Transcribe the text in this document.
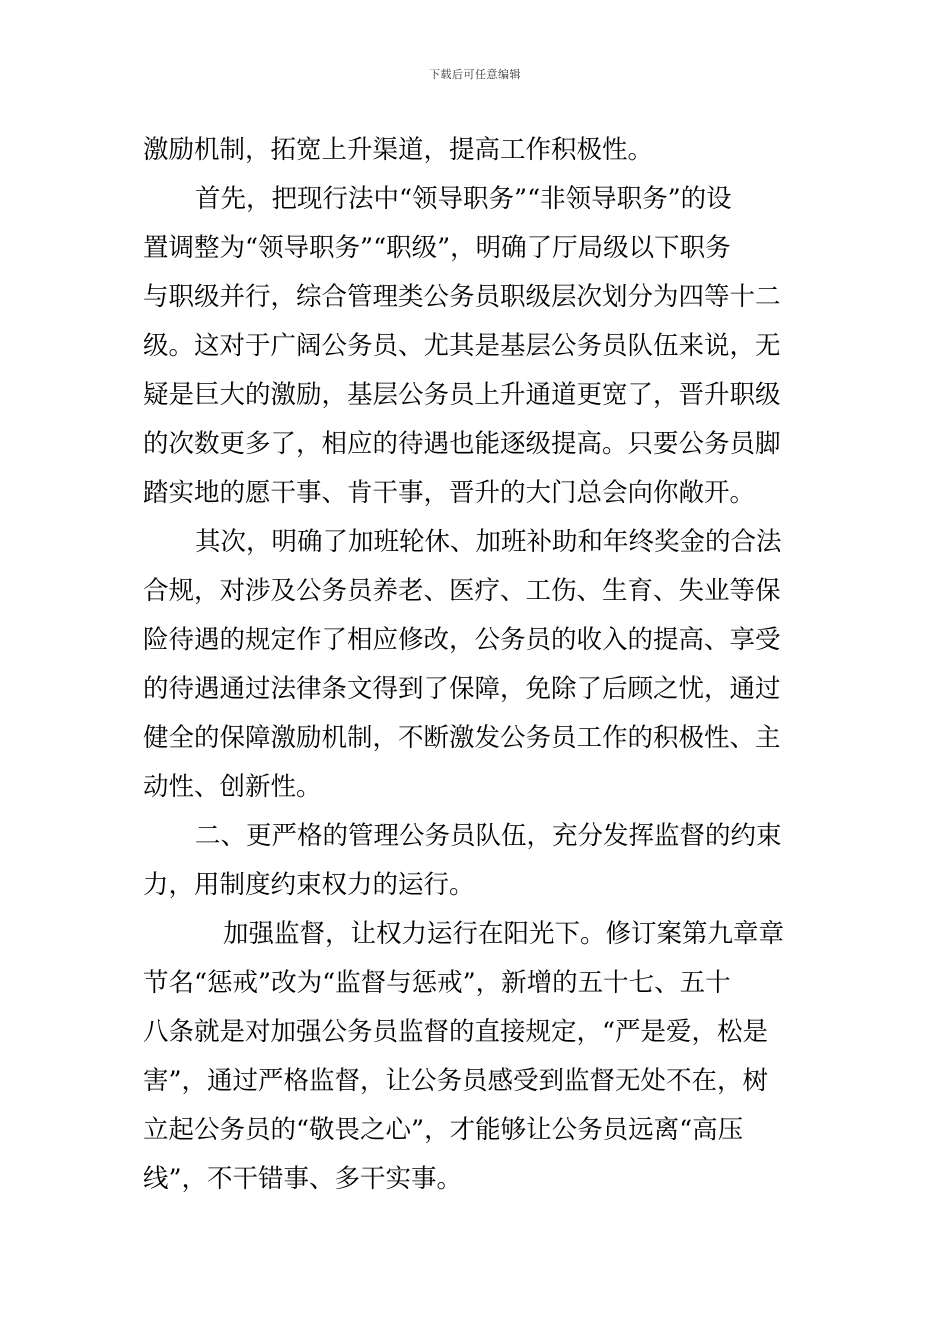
下载后可任意编辑
激励机制，拓宽上升渠道，提高工作积极性。
首先，把现行法中“领导职务”“非领导职务”的设
置调整为“领导职务”“职级”，明确了厅局级以下职务
与职级并行，综合管理类公务员职级层次划分为四等十二
级。这对于广阔公务员、尤其是基层公务员队伍来说，无
疑是巨大的激励，基层公务员上升通道更宽了，晋升职级
的次数更多了，相应的待遇也能逐级提高。只要公务员脚
踏实地的愿干事、肯干事，晋升的大门总会向你敞开。
其次，明确了加班轮休、加班补助和年终奖金的合法
合规，对涉及公务员养老、医疗、工伤、生育、失业等保
险待遇的规定作了相应修改，公务员的收入的提高、享受
的待遇通过法律条文得到了保障，免除了后顾之忧，通过
健全的保障激励机制，不断激发公务员工作的积极性、主
动性、创新性。
二、更严格的管理公务员队伍，充分发挥监督的约束
力，用制度约束权力的运行。
加强监督，让权力运行在阳光下。修订案第九章章
节名“惩戒”改为“监督与惩戒”，新增的五十七、五十
八条就是对加强公务员监督的直接规定，“严是爱，松是
害”，通过严格监督，让公务员感受到监督无处不在，树
立起公务员的“敬畏之心”，才能够让公务员远离“高压
线”，不干错事、多干实事。
